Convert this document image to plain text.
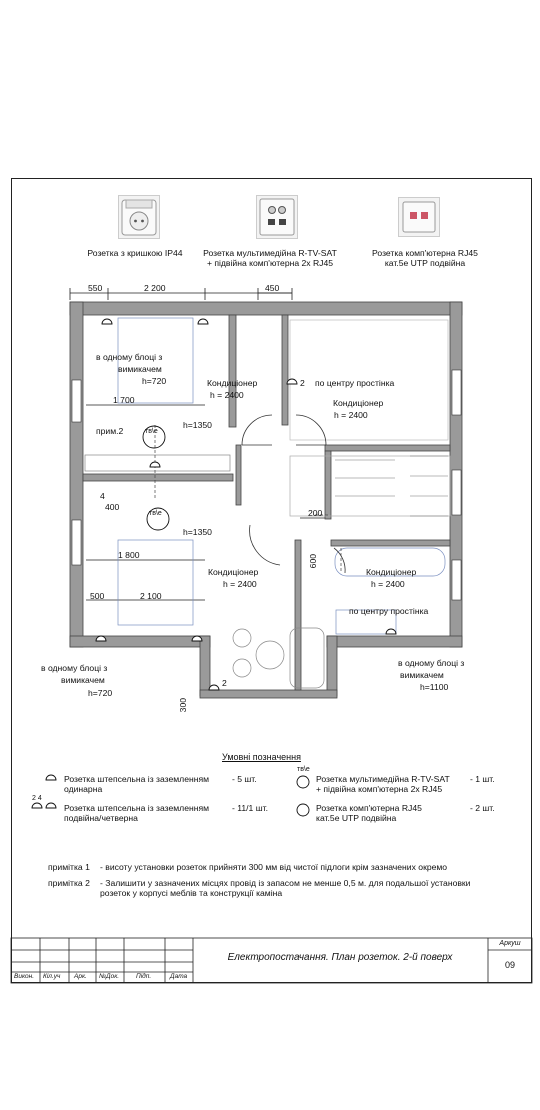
Розетка з кришкою IP44	Розетка мультимедійна R-TV-SAT
+ підвійна комп'ютерна 2x RJ45
Розетка комп'ютерна RJ45
кат.5е UTP подвійна
550	2 200	450
1 700
400
1 800
500	2 100
200
600
300
в одному блоці з
вимикачем
h=720	Кондиціонер
h = 2400
2 по центру простінка
Кондиціонер
h = 2400
прим.2	тв\е
h=1350
тв\е
h=1350
4
Кондиціонер
h = 2400
Кондиціонер
h = 2400
по центру простінка
в одному блоці з
вимикачем
h=720
в одному блоці з
вимикачем
h=1100
2
Умовні позначення
2 4
тв\е
Розетка штепсельна із заземленням
одинарна
- 5 шт.
Розетка штепсельна із заземленням
подвійна/четверна
- 11/1 шт.
Розетка мультимедійна R-TV-SAT
+ підвійна комп'ютерна 2x RJ45
- 1 шт.
Розетка комп'ютерна RJ45
кат.5е UTP подвійна
- 2 шт.
примітка 1 - висоту установки розеток прийняти 300 мм від чистої підлоги крім зазначених окремо
примітка 2 - Залишити у зазначених місцях провід із запасом не менше 0,5 м. для подальшої установки
розеток у корпусі меблів та конструкції каміна
Викон. Кіл.уч Арк. №Док.	Підп.	Дата
Електропостачання. План розеток. 2-й поверх
Аркуш
09
